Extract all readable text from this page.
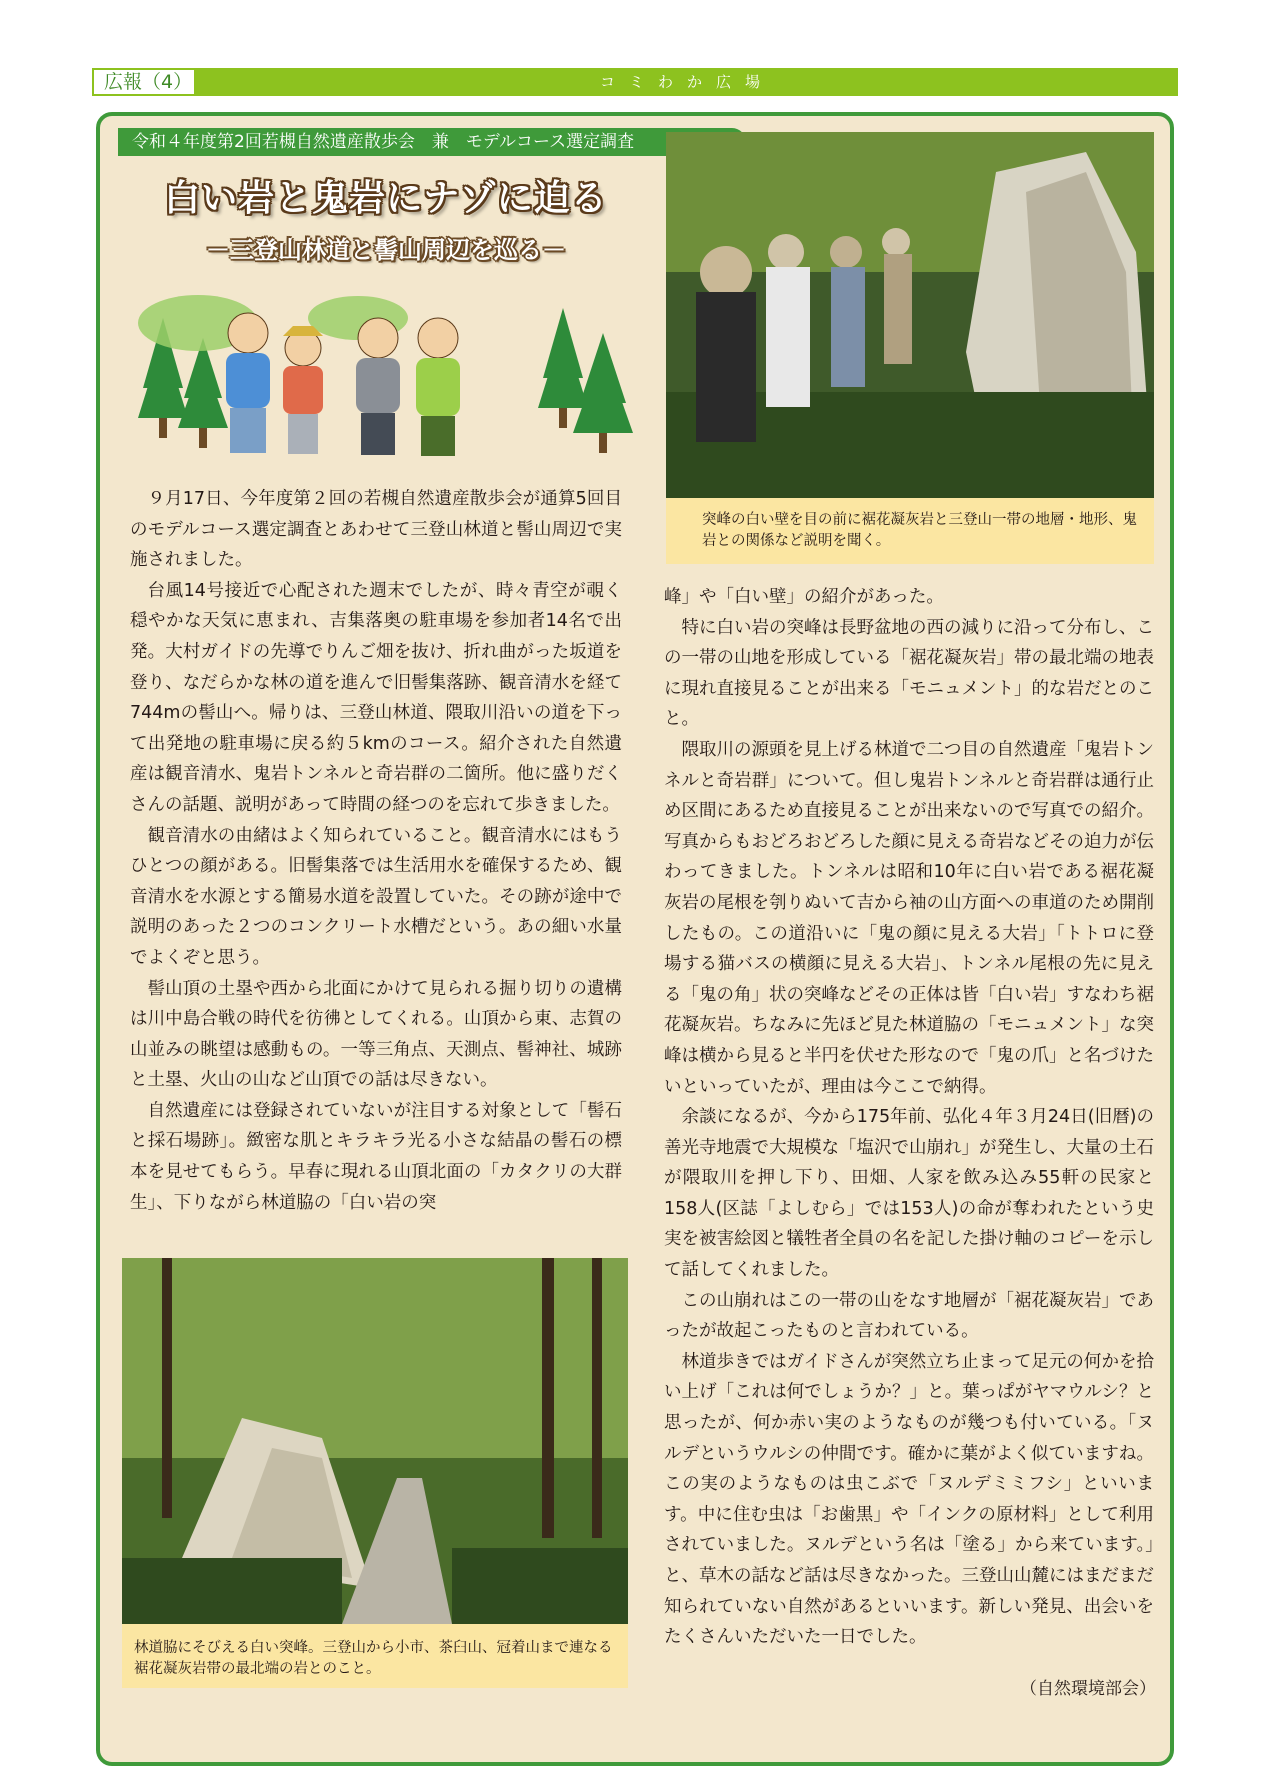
広報（4）	コミわか広場
令和４年度第2回若槻自然遺産散歩会　兼　モデルコース選定調査
白い岩と鬼岩にナゾに迫る
－三登山林道と髻山周辺を巡る－

９月17日、今年度第２回の若槻自然遺産散歩会が通算5回目のモデルコース選定調査とあわせて三登山林道と髻山周辺で実施されました。

台風14号接近で心配された週末でしたが、時々青空が覗く穏やかな天気に恵まれ、吉集落奥の駐車場を参加者14名で出発。大村ガイドの先導でりんご畑を抜け、折れ曲がった坂道を登り、なだらかな林の道を進んで旧髻集落跡、観音清水を経て744mの髻山へ。帰りは、三登山林道、隈取川沿いの道を下って出発地の駐車場に戻る約５kmのコース。紹介された自然遺産は観音清水、鬼岩トンネルと奇岩群の二箇所。他に盛りだくさんの話題、説明があって時間の経つのを忘れて歩きました。

観音清水の由緒はよく知られていること。観音清水にはもうひとつの顔がある。旧髻集落では生活用水を確保するため、観音清水を水源とする簡易水道を設置していた。その跡が途中で説明のあった２つのコンクリート水槽だという。あの細い水量でよくぞと思う。

髻山頂の土塁や西から北面にかけて見られる掘り切りの遺構は川中島合戦の時代を彷彿としてくれる。山頂から東、志賀の山並みの眺望は感動もの。一等三角点、天測点、髻神社、城跡と土塁、火山の山など山頂での話は尽きない。

自然遺産には登録されていないが注目する対象として「髻石と採石場跡」。緻密な肌とキラキラ光る小さな結晶の髻石の標本を見せてもらう。早春に現れる山頂北面の「カタクリの大群生」、下りながら林道脇の「白い岩の突

突峰の白い壁を目の前に裾花凝灰岩と三登山一帯の地層・地形、鬼岩との関係など説明を聞く。

峰」や「白い壁」の紹介があった。

特に白い岩の突峰は長野盆地の西の減りに沿って分布し、この一帯の山地を形成している「裾花凝灰岩」帯の最北端の地表に現れ直接見ることが出来る「モニュメント」的な岩だとのこと。

隈取川の源頭を見上げる林道で二つ目の自然遺産「鬼岩トンネルと奇岩群」について。但し鬼岩トンネルと奇岩群は通行止め区間にあるため直接見ることが出来ないので写真での紹介。写真からもおどろおどろした顔に見える奇岩などその迫力が伝わってきました。トンネルは昭和10年に白い岩である裾花凝灰岩の尾根を刳りぬいて吉から袖の山方面への車道のため開削したもの。この道沿いに「鬼の顔に見える大岩」「トトロに登場する猫バスの横顔に見える大岩」、トンネル尾根の先に見える「鬼の角」状の突峰などその正体は皆「白い岩」すなわち裾花凝灰岩。ちなみに先ほど見た林道脇の「モニュメント」な突峰は横から見ると半円を伏せた形なので「鬼の爪」と名づけたいといっていたが、理由は今ここで納得。

余談になるが、今から175年前、弘化４年３月24日(旧暦)の善光寺地震で大規模な「塩沢で山崩れ」が発生し、大量の土石が隈取川を押し下り、田畑、人家を飲み込み55軒の民家と158人(区誌「よしむら」では153人)の命が奪われたという史実を被害絵図と犠牲者全員の名を記した掛け軸のコピーを示して話してくれました。

この山崩れはこの一帯の山をなす地層が「裾花凝灰岩」であったが故起こったものと言われている。

林道歩きではガイドさんが突然立ち止まって足元の何かを拾い上げ「これは何でしょうか？」と。葉っぱがヤマウルシ？と思ったが、何か赤い実のようなものが幾つも付いている。「ヌルデというウルシの仲間です。確かに葉がよく似ていますね。この実のようなものは虫こぶで「ヌルデミミフシ」といいます。中に住む虫は「お歯黒」や「インクの原材料」として利用されていました。ヌルデという名は「塗る」から来ています。」と、草木の話など話は尽きなかった。三登山山麓にはまだまだ知られていない自然があるといいます。新しい発見、出会いをたくさんいただいた一日でした。

林道脇にそびえる白い突峰。三登山から小市、茶臼山、冠着山まで連なる裾花凝灰岩帯の最北端の岩とのこと。
（自然環境部会）
